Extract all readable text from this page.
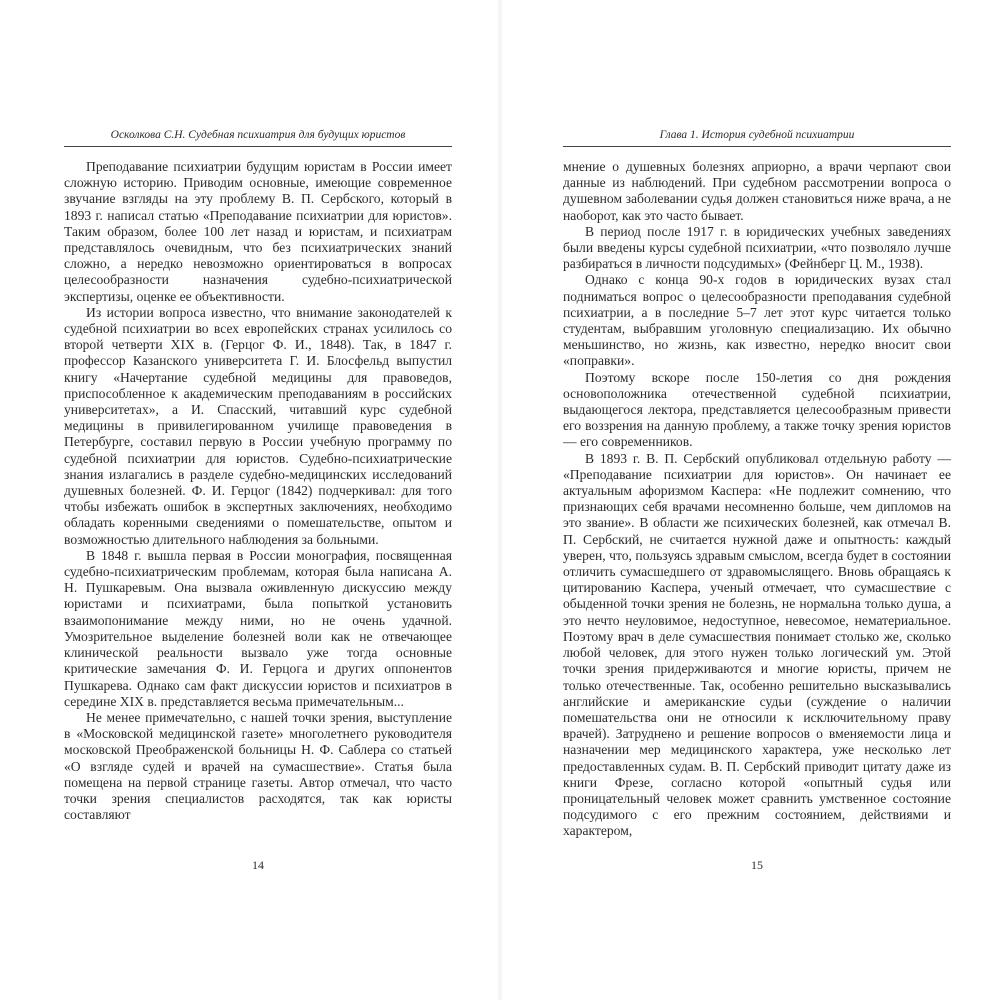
Осколкова С.Н. Судебная психиатрия для будущих юристов

Преподавание психиатрии будущим юристам в России имеет сложную историю. Приводим основные, имеющие современное звучание взгляды на эту проблему В. П. Сербского, который в 1893 г. написал статью «Преподавание психиатрии для юристов». Таким образом, более 100 лет назад и юристам, и психиатрам представлялось очевидным, что без психиатрических знаний сложно, а нередко невозможно ориентироваться в вопросах целесообразности назначения судебно-психиатрической экспертизы, оценке ее объективности.

Из истории вопроса известно, что внимание законодателей к судебной психиатрии во всех европейских странах усилилось со второй четверти XIX в. (Герцог Ф. И., 1848). Так, в 1847 г. профессор Казанского университета Г. И. Блосфельд выпустил книгу «Начертание судебной медицины для правоведов, приспособленное к академическим преподаваниям в российских университетах», а И. Спасский, читавший курс судебной медицины в привилегированном училище правоведения в Петербурге, составил первую в России учебную программу по судебной психиатрии для юристов. Судебно-психиатрические знания излагались в разделе судебно-медицинских исследований душевных болезней. Ф. И. Герцог (1842) подчеркивал: для того чтобы избежать ошибок в экспертных заключениях, необходимо обладать коренными сведениями о помешательстве, опытом и возможностью длительного наблюдения за больными.

В 1848 г. вышла первая в России монография, посвященная судебно-психиатрическим проблемам, которая была написана А. Н. Пушкаревым. Она вызвала оживленную дискуссию между юристами и психиатрами, была попыткой установить взаимопонимание между ними, но не очень удачной. Умозрительное выделение болезней воли как не отвечающее клинической реальности вызвало уже тогда основные критические замечания Ф. И. Герцога и других оппонентов Пушкарева. Однако сам факт дискуссии юристов и психиатров в середине XIX в. представляется весьма примечательным...

Не менее примечательно, с нашей точки зрения, выступление в «Московской медицинской газете» многолетнего руководителя московской Преображенской больницы Н. Ф. Саблера со статьей «О взгляде судей и врачей на сумасшествие». Статья была помещена на первой странице газеты. Автор отмечал, что часто точки зрения специалистов расходятся, так как юристы составляют

14
Глава 1. История судебной психиатрии

мнение о душевных болезнях априорно, а врачи черпают свои данные из наблюдений. При судебном рассмотрении вопроса о душевном заболевании судья должен становиться ниже врача, а не наоборот, как это часто бывает.

В период после 1917 г. в юридических учебных заведениях были введены курсы судебной психиатрии, «что позволяло лучше разбираться в личности подсудимых» (Фейнберг Ц. М., 1938).

Однако с конца 90-х годов в юридических вузах стал подниматься вопрос о целесообразности преподавания судебной психиатрии, а в последние 5–7 лет этот курс читается только студентам, выбравшим уголовную специализацию. Их обычно меньшинство, но жизнь, как известно, нередко вносит свои «поправки».

Поэтому вскоре после 150-летия со дня рождения основоположника отечественной судебной психиатрии, выдающегося лектора, представляется целесообразным привести его воззрения на данную проблему, а также точку зрения юристов — его современников.

В 1893 г. В. П. Сербский опубликовал отдельную работу — «Преподавание психиатрии для юристов». Он начинает ее актуальным афоризмом Каспера: «Не подлежит сомнению, что признающих себя врачами несомненно больше, чем дипломов на это звание». В области же психических болезней, как отмечал В. П. Сербский, не считается нужной даже и опытность: каждый уверен, что, пользуясь здравым смыслом, всегда будет в состоянии отличить сумасшедшего от здравомыслящего. Вновь обращаясь к цитированию Каспера, ученый отмечает, что сумасшествие с обыденной точки зрения не болезнь, не нормальна только душа, а это нечто неуловимое, недоступное, невесомое, нематериальное. Поэтому врач в деле сумасшествия понимает столько же, сколько любой человек, для этого нужен только логический ум. Этой точки зрения придерживаются и многие юристы, причем не только отечественные. Так, особенно решительно высказывались английские и американские судьи (суждение о наличии помешательства они не относили к исключительному праву врачей). Затруднено и решение вопросов о вменяемости лица и назначении мер медицинского характера, уже несколько лет предоставленных судам. В. П. Сербский приводит цитату даже из книги Фрезе, согласно которой «опытный судья или проницательный человек может сравнить умственное состояние подсудимого с его прежним состоянием, действиями и характером,

15
